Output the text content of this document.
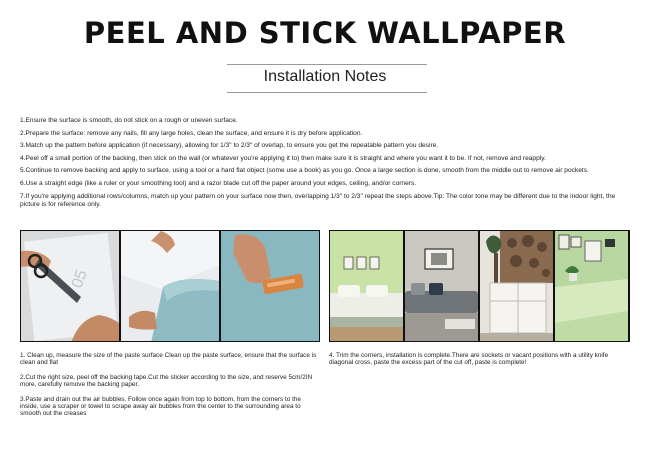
PEEL AND STICK WALLPAPER
Installation Notes

1.Ensure the surface is smooth, do not stick on a rough or uneven surface.

2.Prepare the surface: remove any nails, fill any large holes, clean the surface, and ensure it is dry before application.

3.Match up the pattern before application (if necessary), allowing for 1/3" to 2/3" of overlap, to ensure you get the repeatable pattern you desire.

4.Peel off a small portion of the backing, then stick on the wall (or whatever you're applying it to) then make sure it is straight and where you want it to be. If not, remove and reapply.

5.Continue to remove backing and apply to surface, using a tool or a hard flat object (some use a book) as you go. Once a large section is done, smooth from the middle out to remove air pockets.

6.Use a straight edge (like a ruler or your smoothing tool) and a razor blade cut off the paper around your edges, ceiling, and/or corners.

7.If you're applying additional rows/columns, match up your pattern on your surface now then, overlapping 1/3" to 2/3" repeat the steps above.Tip: The color tone may be different due to the indoor light, the picture is for reference only.

05

1. Clean up, measure the size of the paste surface Clean up the paste surface, ensure that the surface is clean and flat

2.Cut the right size, peel off the backing tape.Cut the sticker according to the size, and reserve 5cm/2IN more, carefully remove the backing paper.

3.Paste and drain out the air bubbles. Follow once again from top to bottom, from the corners to the inside, use a scraper or towel to scrape away air bubbles from the center to the surrounding area to smooth out the creases

4. Trim the corners, installation is complete.There are sockets or vacant positions with a utility knife diagonal cross, paste the excess part of the cut off, paste is complete!
